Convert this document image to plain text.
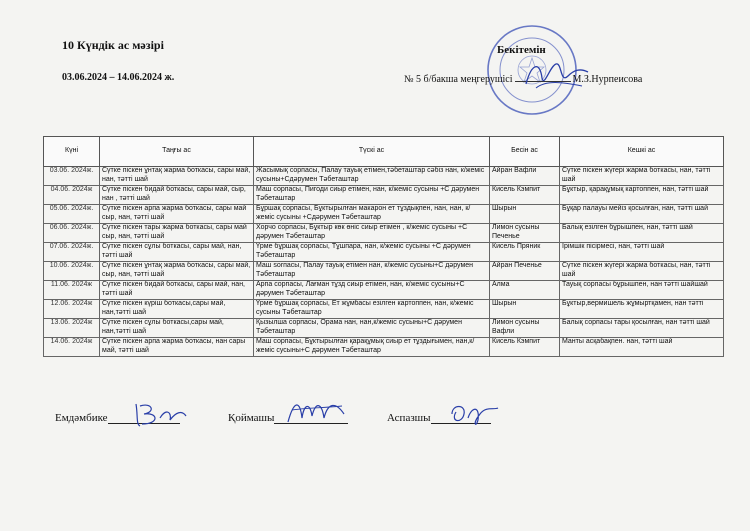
10 Күндік ас мәзірі
03.06.2024 – 14.06.2024 ж.
Бекітемін
№ 5 б/бакша меңгерушісі	М.З.Нурпеисова
Күні	Таңғы ас	Түскі ас	Бесін ас	Кешкі ас
03.06. 2024ж.	Сүтке піскен ұнтақ жарма боткасы, сары май, нан, тәтті шай	Жасымық сорпасы, Палау тауық етімен,тәбеташтар сәбіз нан, к/жеміс сусыны+Сдәрумен Тәбеташтар	Айран Вафли	Сүтке піскен жүгері жарма боткасы, нан, тәтті шай
04.06. 2024ж	Сүтке піскен бидай боткасы, сары май, сыр, нан , тәтті шай	Маш сорпасы, Пигоди сиыр етімен, нан, к/жеміс сусыны +С дәрумен Тәбеташтар	Кисель Кэмпит	Бұктыр, қарақұмық картоппен, нан, тәтті шай
05.06. 2024ж.	Сүтке піскен арпа жарма боткасы, сары май сыр, нан, тәтті шай	Бұршақ сорпасы, Бұктырылған макарон ет тұздықпен, нан, нан, к/жеміс сусыны +Сдәрумен Тәбеташтар	Шырын	Бұқар палауы мейіз қосылған, нан, тәтті шай
06.06. 2024ж.	Сүтке піскен тары жарма боткасы, сары май сыр, нан, тәтті шай	Хорчо сорпасы, Бұктыр көк өніс сиыр етімен , к/жеміс сусыны +С дәрумен Тәбеташтар	Лимон сусыны Печенье	Балық езілген бұрышпен, нан, тәтті шай
07.06. 2024ж.	Сүтке піскен сұлы боткасы, сары май, нан, тәтті шай	Үрме бұршақ сорпасы, Тұшпара, нан, к/жеміс сусыны +С дәрумен Тәбеташтар	Кисель Пряник	Ірімшік пісірмесі, нан, тәтті шай
10.06. 2024ж.	Сүтке піскен ұнтақ жарма боткасы, сары май, сыр, нан, тәтті шай	Маш sorпасы, Палау тауық етімен нан, к/жеміс сусыны+С дәрумен Тәбеташтар	Айран Печенье	Сүтке піскен жүгері жарма боткасы, нан, тәтті шай
11.06. 2024ж	Сүтке піскен бидай боткасы, сары май, нан, тәтті шай	Арпа сорпасы, Лағман тұзд сиыр етімен, нан, к/жеміс сусыны+С дәрумен Тәбеташтар	Алма	Тауық сорпасы бұрышпен, нан тәтті шайшай
12.06. 2024ж	Сүтке піскен күріш боткасы,сары май, нан,тәтті шай	Үрме бұршақ сорпасы, Ет жұмбасы езілген картоппен, нан, к/жеміс сусыны Тәбеташтар	Шырын	Бұктыр,вермишель жұмыртқамен, нан тәтті
13.06. 2024ж	Сүтке піскен сұлы боткасы,сары май, нан,тәтті шай	Қызылша сорпасы, Орама нан, нан,к/жеміс сусыны+С дәрумен Тәбеташтар	Лимон сусыны Вафли	Балық сорпасы тары қосылған, нан тәтті шай
14.06. 2024ж	Сүтке піскен арпа жарма боткасы, нан сары май, тәтті шай	Маш сорпасы, Бұктырылған қарақұмық сиыр ет тұздығымен, нан,к/жеміс сусыны+С дәрумен Тәбеташтар	Кисель Кэмпит	Манты асқабақпен. нан, тәтті шай
Емдәмбике	Қоймашы	Аспазшы
